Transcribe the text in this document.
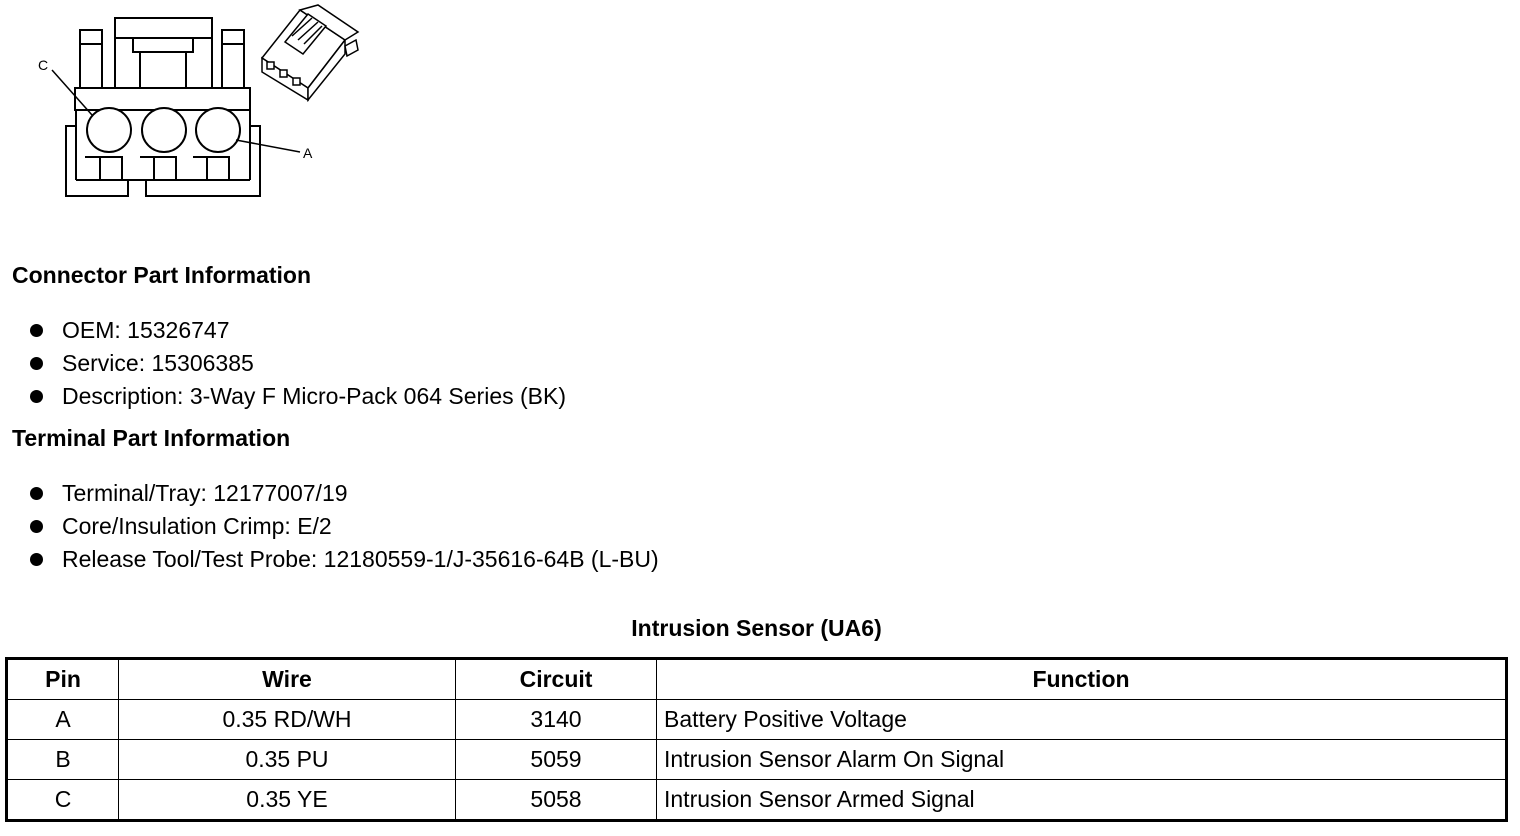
C
A
Connector Part Information
OEM: 15326747
Service: 15306385
Description: 3-Way F Micro-Pack 064 Series (BK)
Terminal Part Information
Terminal/Tray: 12177007/19
Core/Insulation Crimp: E/2
Release Tool/Test Probe: 12180559-1/J-35616-64B (L-BU)
Intrusion Sensor (UA6)
Pin	Wire	Circuit	Function
A	0.35 RD/WH	3140	Battery Positive Voltage
B	0.35 PU	5059	Intrusion Sensor Alarm On Signal
C	0.35 YE	5058	Intrusion Sensor Armed Signal
